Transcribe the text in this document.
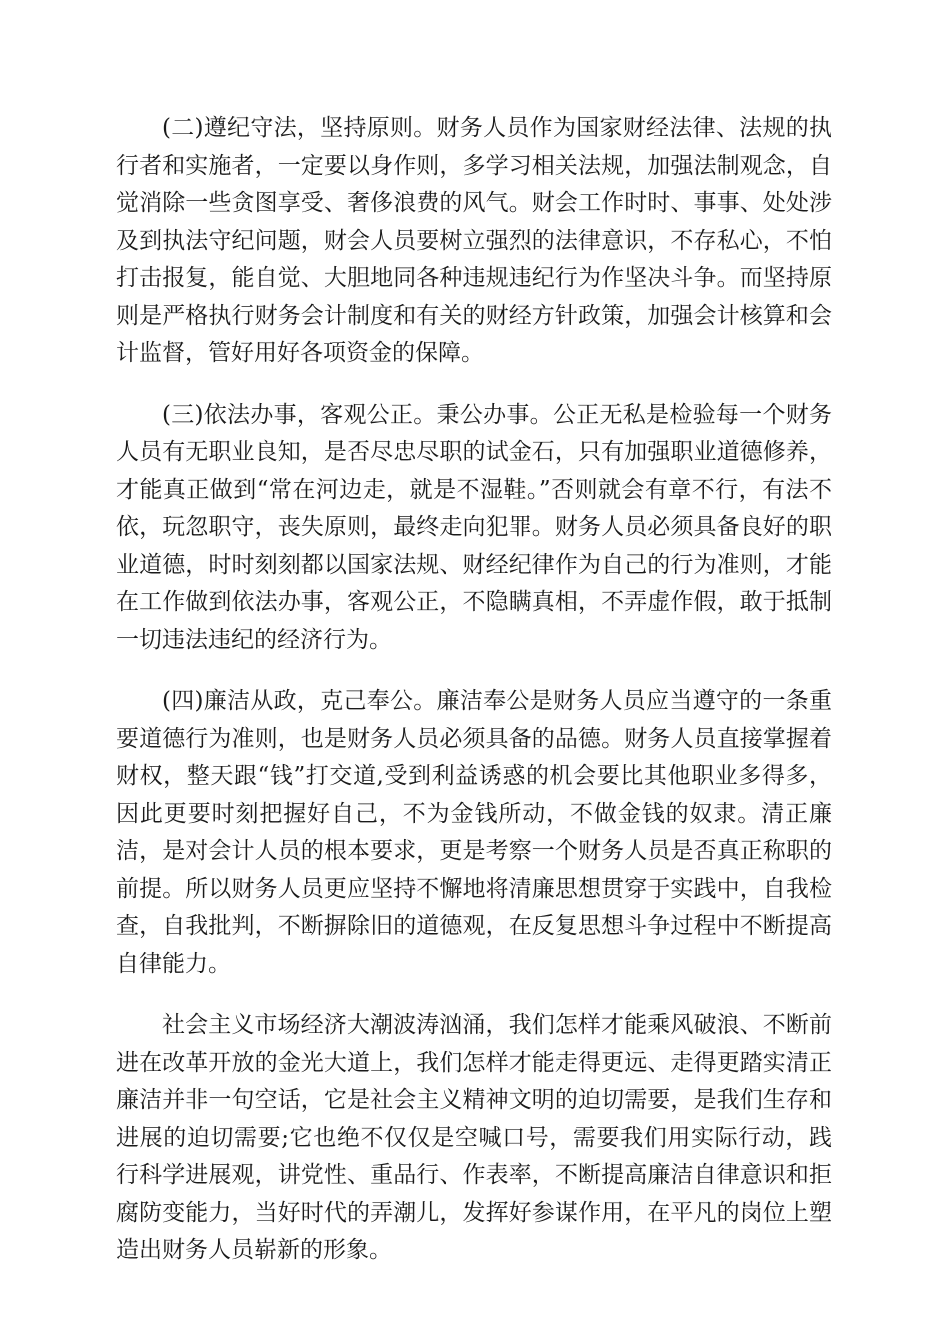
(二)遵纪守法，坚持原则。财务人员作为国家财经法律、法规的执行者和实施者，一定要以身作则，多学习相关法规，加强法制观念，自觉消除一些贪图享受、奢侈浪费的风气。财会工作时时、事事、处处涉及到执法守纪问题，财会人员要树立强烈的法律意识，不存私心，不怕打击报复，能自觉、大胆地同各种违规违纪行为作坚决斗争。而坚持原则是严格执行财务会计制度和有关的财经方针政策，加强会计核算和会计监督，管好用好各项资金的保障。

(三)依法办事，客观公正。秉公办事。公正无私是检验每一个财务人员有无职业良知，是否尽忠尽职的试金石，只有加强职业道德修养，才能真正做到“常在河边走，就是不湿鞋。”否则就会有章不行，有法不依，玩忽职守，丧失原则，最终走向犯罪。财务人员必须具备良好的职业道德，时时刻刻都以国家法规、财经纪律作为自己的行为准则，才能在工作做到依法办事，客观公正，不隐瞒真相，不弄虚作假，敢于抵制一切违法违纪的经济行为。

(四)廉洁从政，克己奉公。廉洁奉公是财务人员应当遵守的一条重要道德行为准则，也是财务人员必须具备的品德。财务人员直接掌握着财权，整天跟“钱”打交道,受到利益诱惑的机会要比其他职业多得多，因此更要时刻把握好自己，不为金钱所动，不做金钱的奴隶。清正廉洁，是对会计人员的根本要求，更是考察一个财务人员是否真正称职的前提。所以财务人员更应坚持不懈地将清廉思想贯穿于实践中，自我检查，自我批判，不断摒除旧的道德观，在反复思想斗争过程中不断提高自律能力。

社会主义市场经济大潮波涛汹涌，我们怎样才能乘风破浪、不断前进在改革开放的金光大道上，我们怎样才能走得更远、走得更踏实清正廉洁并非一句空话，它是社会主义精神文明的迫切需要，是我们生存和进展的迫切需要;它也绝不仅仅是空喊口号，需要我们用实际行动，践行科学进展观，讲党性、重品行、作表率，不断提高廉洁自律意识和拒腐防变能力，当好时代的弄潮儿，发挥好参谋作用，在平凡的岗位上塑造出财务人员崭新的形象。
